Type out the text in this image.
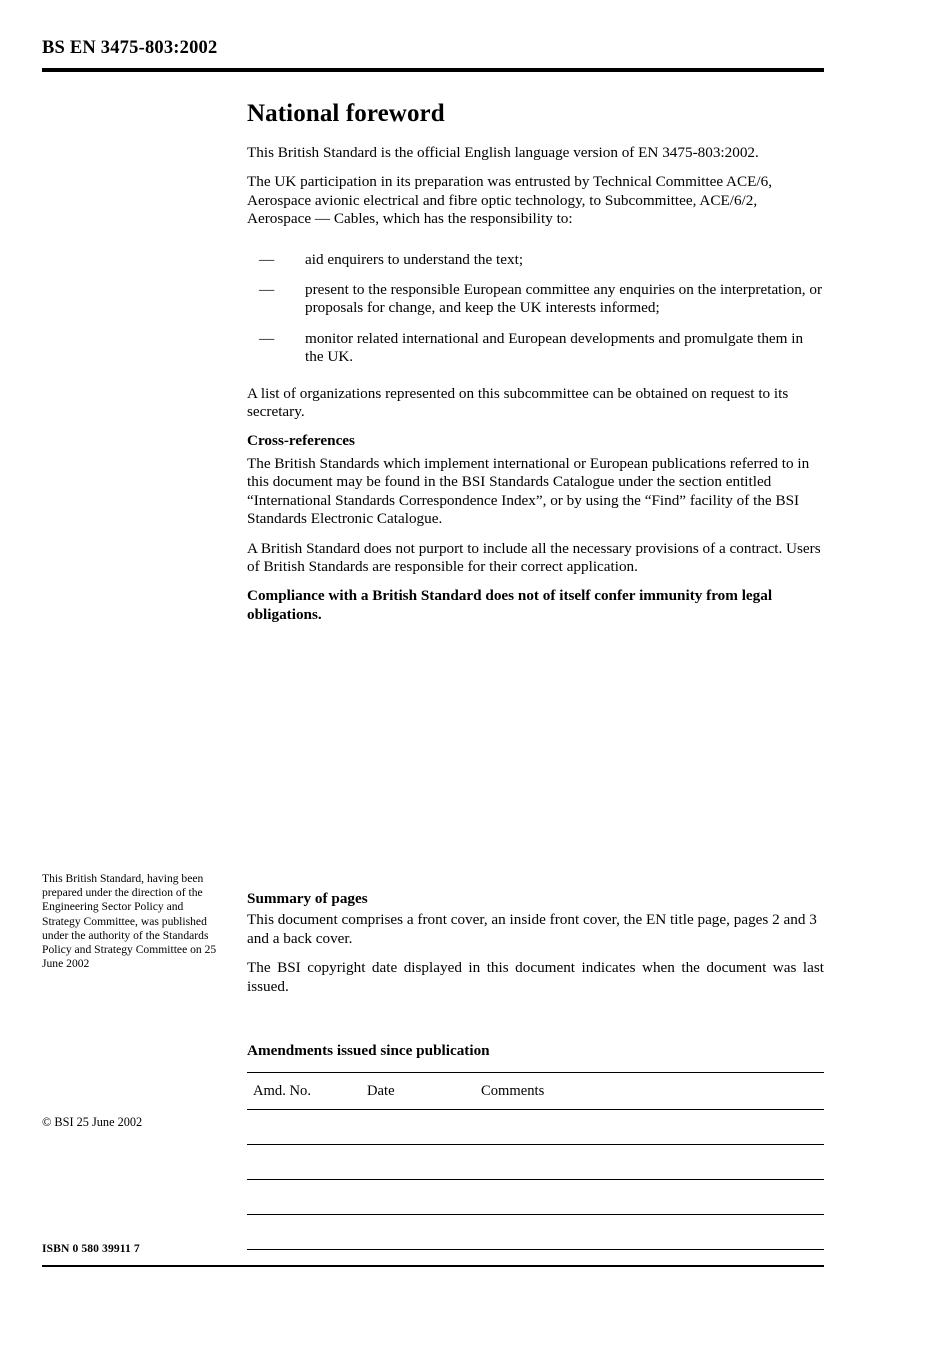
BS EN 3475-803:2002
National foreword

This British Standard is the official English language version of EN 3475-803:2002.

The UK participation in its preparation was entrusted by Technical Committee ACE/6, Aerospace avionic electrical and fibre optic technology, to Subcommittee, ACE/6/2, Aerospace — Cables, which has the responsibility to:

— aid enquirers to understand the text;
— present to the responsible European committee any enquiries on the interpretation, or proposals for change, and keep the UK interests informed;
— monitor related international and European developments and promulgate them in the UK.

A list of organizations represented on this subcommittee can be obtained on request to its secretary.

Cross-references

The British Standards which implement international or European publications referred to in this document may be found in the BSI Standards Catalogue under the section entitled “International Standards Correspondence Index”, or by using the “Find” facility of the BSI Standards Electronic Catalogue.

A British Standard does not purport to include all the necessary provisions of a contract. Users of British Standards are responsible for their correct application.

Compliance with a British Standard does not of itself confer immunity from legal obligations.

This British Standard, having been prepared under the direction of the Engineering Sector Policy and Strategy Committee, was published under the authority of the Standards Policy and Strategy Committee on 25 June 2002
© BSI 25 June 2002
ISBN 0 580 39911 7
Summary of pages

This document comprises a front cover, an inside front cover, the EN title page, pages 2 and 3 and a back cover.

The BSI copyright date displayed in this document indicates when the document was last issued.

Amendments issued since publication
Amd. No.	Date	Comments
